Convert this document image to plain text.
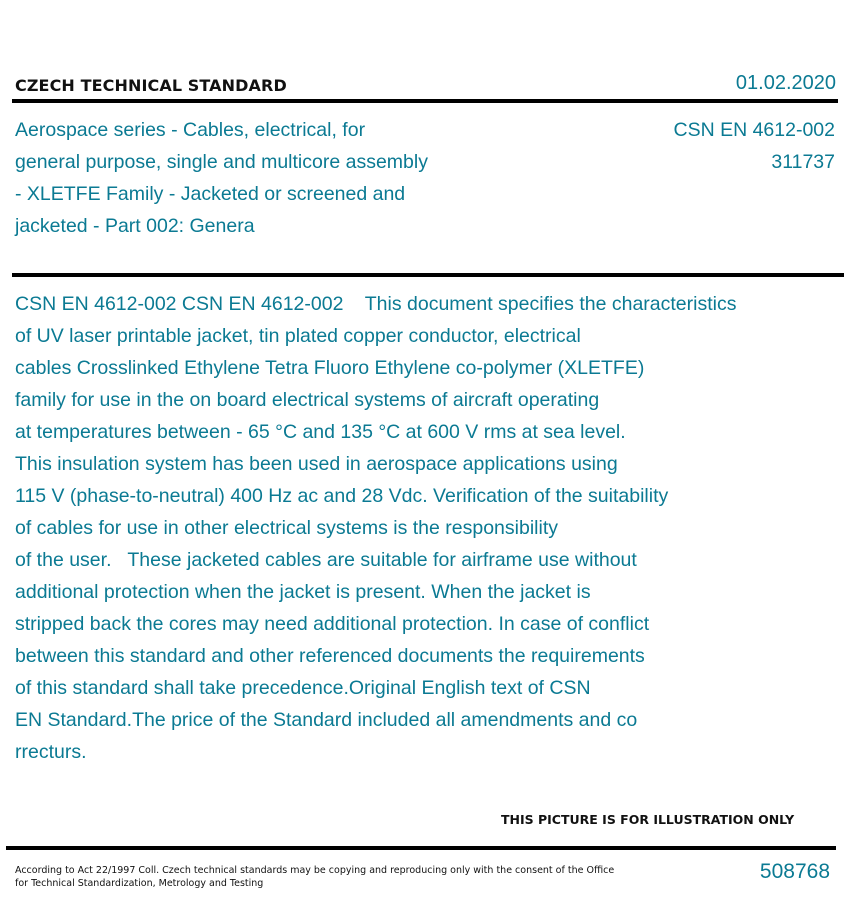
CZECH TECHNICAL STANDARD	01.02.2020
Aerospace series - Cables, electrical, for
general purpose, single and multicore assembly
- XLETFE Family - Jacketed or screened and
jacketed - Part 002: Genera
CSN EN 4612-002
311737
CSN EN 4612-002 CSN EN 4612-002    This document specifies the characteristics
of UV laser printable jacket, tin plated copper conductor, electrical
cables Crosslinked Ethylene Tetra Fluoro Ethylene co-polymer (XLETFE)
family for use in the on board electrical systems of aircraft operating
at temperatures between - 65 °C and 135 °C at 600 V rms at sea level.
This insulation system has been used in aerospace applications using
115 V (phase-to-neutral) 400 Hz ac and 28 Vdc. Verification of the suitability
of cables for use in other electrical systems is the responsibility
of the user.   These jacketed cables are suitable for airframe use without
additional protection when the jacket is present. When the jacket is
stripped back the cores may need additional protection. In case of conflict
between this standard and other referenced documents the requirements
of this standard shall take precedence.Original English text of CSN
EN Standard.The price of the Standard included all amendments and co
rrecturs.
THIS PICTURE IS FOR ILLUSTRATION ONLY
According to Act 22/1997 Coll. Czech technical standards may be copying and reproducing only with the consent of the Office
for Technical Standardization, Metrology and Testing
508768
